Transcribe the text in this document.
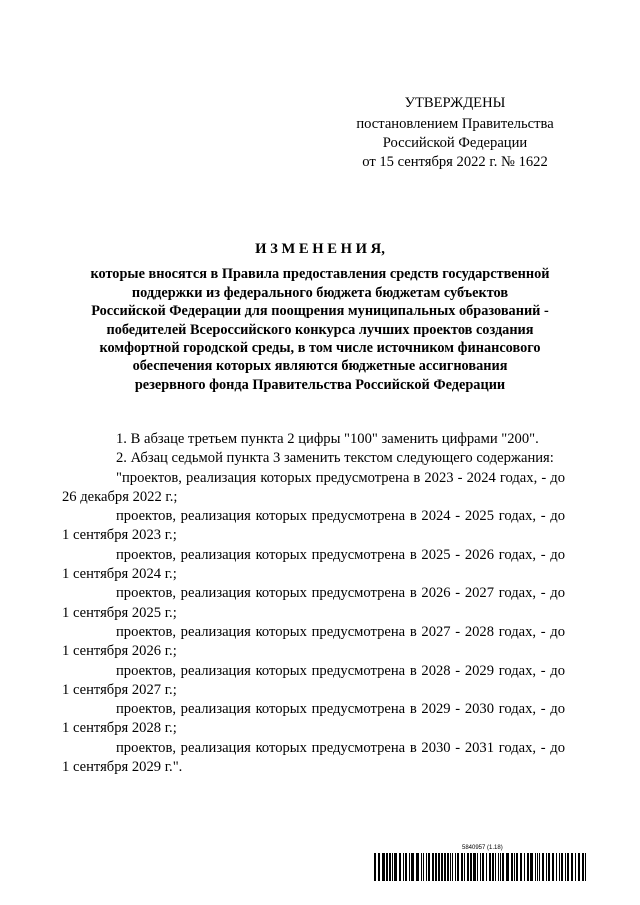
УТВЕРЖДЕНЫ
постановлением Правительства
Российской Федерации
от 15 сентября 2022 г. № 1622
И З М Е Н Е Н И Я,
которые вносятся в Правила предоставления средств государственной
поддержки из федерального бюджета бюджетам субъектов
Российской Федерации для поощрения муниципальных образований -
победителей Всероссийского конкурса лучших проектов создания
комфортной городской среды, в том числе источником финансового
обеспечения которых являются бюджетные ассигнования
резервного фонда Правительства Российской Федерации

1. В абзаце третьем пункта 2 цифры "100" заменить цифрами "200".

2. Абзац седьмой пункта 3 заменить текстом следующего содержания:

"проектов, реализация которых предусмотрена в 2023 - 2024 годах, - до 26 декабря 2022 г.;

проектов, реализация которых предусмотрена в 2024 - 2025 годах, - до 1 сентября 2023 г.;

проектов, реализация которых предусмотрена в 2025 - 2026 годах, - до 1 сентября 2024 г.;

проектов, реализация которых предусмотрена в 2026 - 2027 годах, - до 1 сентября 2025 г.;

проектов, реализация которых предусмотрена в 2027 - 2028 годах, - до 1 сентября 2026 г.;

проектов, реализация которых предусмотрена в 2028 - 2029 годах, - до 1 сентября 2027 г.;

проектов, реализация которых предусмотрена в 2029 - 2030 годах, - до 1 сентября 2028 г.;

проектов, реализация которых предусмотрена в 2030 - 2031 годах, - до 1 сентября 2029 г.".

5840957 (1.18)
